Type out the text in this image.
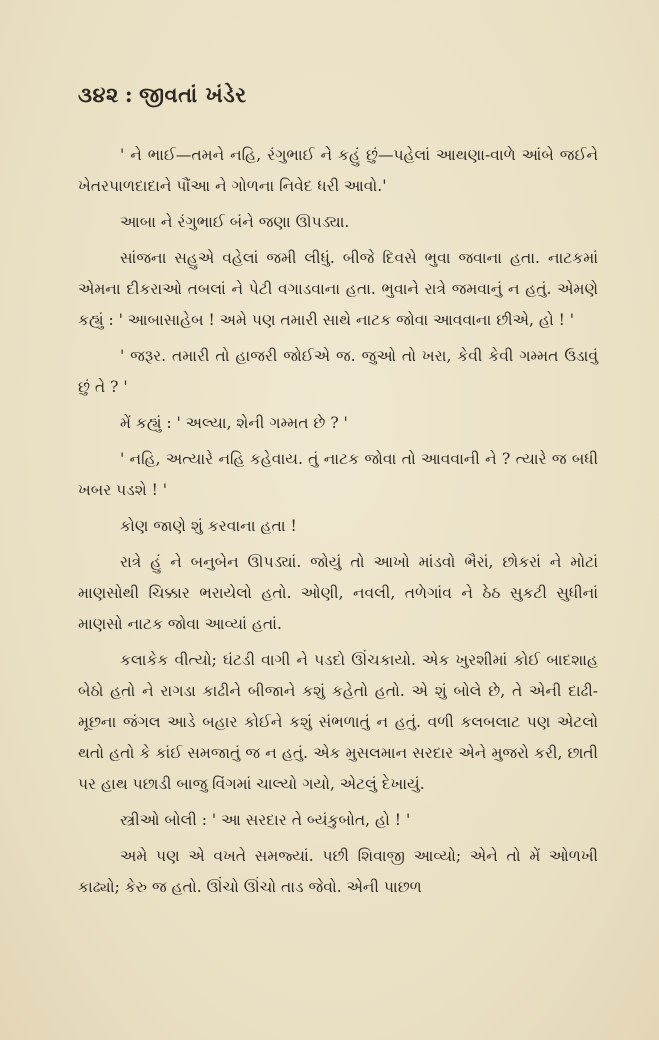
૩૪૨ : જીવતાં ખંડેર

' ને ભાઈ—તમને નહિ, રંગુભાઈ ને કહું છું—પહેલાં આથણા-વાળે આંબે જઈને ખેતરપાળદાદાને પૌંઆ ને ગોળના નિવેદ ધરી આવો.'

આબા ને રંગુભાઈ બંને જણા ઊપડ્યા.

સાંજના સહુએ વહેલાં જમી લીધું. બીજે દિવસે ભુવા જવાના હતા. નાટકમાં એમના દીકરાઓ તબલાં ને પેટી વગાડવાના હતા. ભુવાને રાત્રે જમવાનું ન હતું. એમણે કહ્યું : ' આબાસાહેબ ! અમે પણ તમારી સાથે નાટક જોવા આવવાના છીએ, હો ! '

' જરૂર. તમારી તો હાજરી જોઈએ જ. જુઓ તો ખરા, કેવી કેવી ગમ્મત ઉડાવું છું તે ? '

મેં કહ્યું : ' અલ્યા, શેની ગમ્મત છે ? '

' નહિ, અત્યારે નહિ કહેવાય. તું નાટક જોવા તો આવવાની ને ? ત્યારે જ બધી ખબર પડશે ! '

કોણ જાણે શું કરવાના હતા !

રાત્રે હું ને બનુબેન ઊપડ્યાં. જોયું તો આખો માંડવો ભૈરાં, છોકરાં ને મોટાં માણસોથી ચિક્કાર ભરાયેલો હતો. ઓણી, નવલી, તળેગાંવ ને ઠેઠ સુકટી સુધીનાં માણસો નાટક જોવા આવ્યાં હતાં.

કલાકેક વીત્યો; ઘંટડી વાગી ને પડદો ઊંચકાયો. એક ખુરશીમાં કોઈ બાદશાહ બેઠો હતો ને રાગડા કાઢીને બીજાને કશું કહેતો હતો. એ શું બોલે છે, તે એની દાઢી-મૂછના જંગલ આડે બહાર કોઈને કશું સંભળાતું ન હતું. વળી કલબલાટ પણ એટલો થતો હતો કે કાંઈ સમજાતું જ ન હતું. એક મુસલમાન સરદાર એને મુજરો કરી, છાતી પર હાથ પછાડી બાજુ વિંગમાં ચાલ્યો ગયો, એટલું દેખાયું.

સ્ત્રીઓ બોલી : ' આ સરદાર તે બ્યંકુબોત, હો ! '

અમે પણ એ વખતે સમજ્યાં. પછી શિવાજી આવ્યો; એને તો મેં ઓળખી કાઢ્યો; કેરુ જ હતો. ઊંચો ઊંચો તાડ જેવો. એની પાછળ
